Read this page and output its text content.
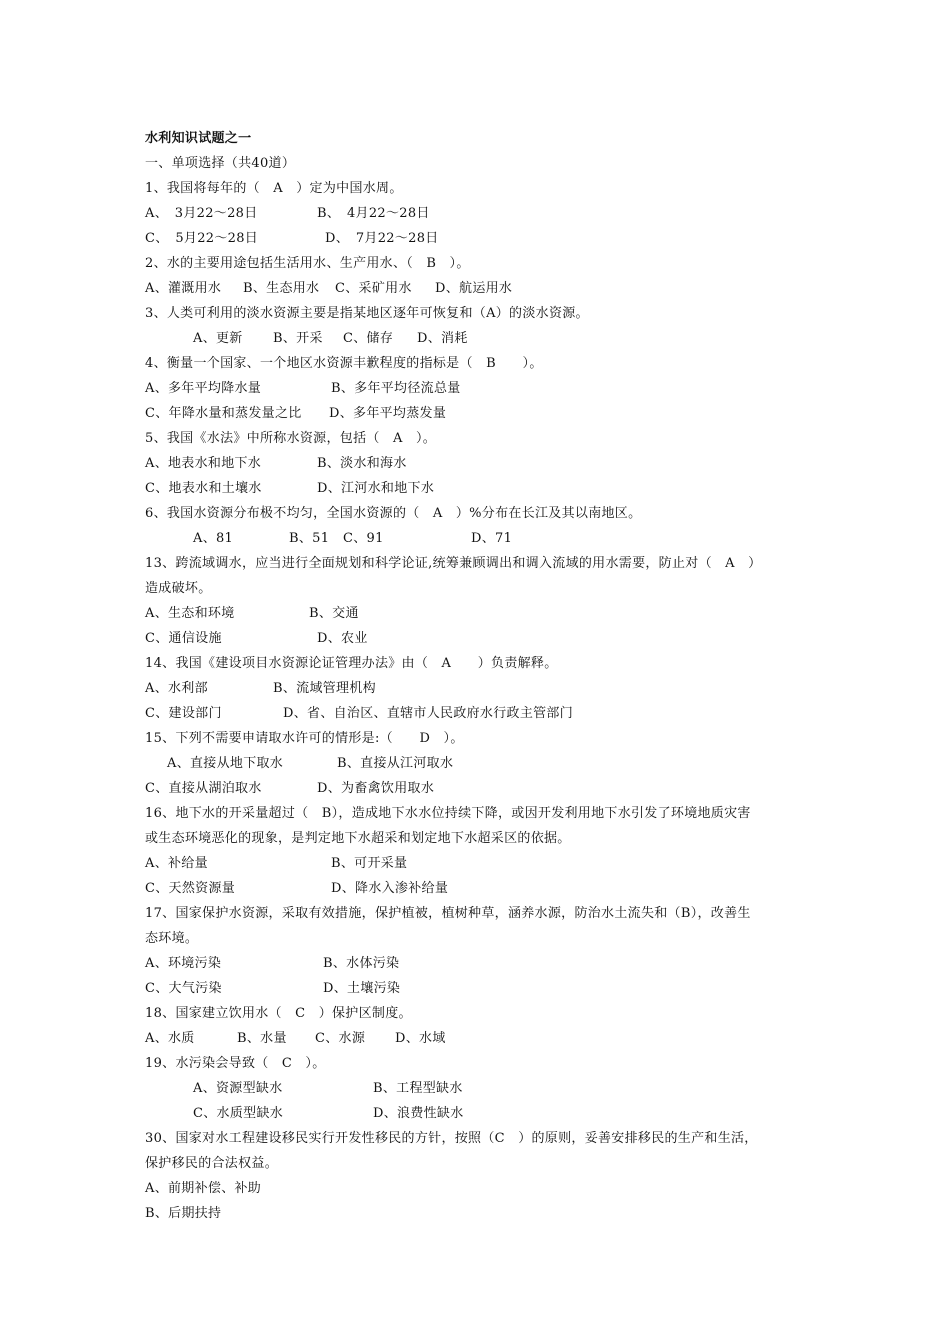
水利知识试题之一
一、单项选择（共40道）
1、我国将每年的（　A　）定为中国水周。
A、　3月22～28日	B、　4月22～28日
C、　5月22～28日	D、　7月22～28日
2、水的主要用途包括生活用水、生产用水、（　B　）。
A、灌溉用水	B、生态用水	C、采矿用水	D、航运用水
3、人类可利用的淡水资源主要是指某地区逐年可恢复和（A）的淡水资源。
A、更新	B、开采	C、储存	D、消耗
4、衡量一个国家、一个地区水资源丰歉程度的指标是（　B　　）。
A、多年平均降水量	B、多年平均径流总量
C、年降水量和蒸发量之比	D、多年平均蒸发量
5、我国《水法》中所称水资源，包括（　A　）。
A、地表水和地下水	B、淡水和海水
C、地表水和土壤水	D、江河水和地下水
6、我国水资源分布极不均匀，全国水资源的（　A　）%分布在长江及其以南地区。
A、81	B、51	C、91	D、71
13、跨流域调水，应当进行全面规划和科学论证,统筹兼顾调出和调入流域的用水需要，防止对（　A　）
造成破坏。
A、生态和环境	B、交通
C、通信设施	D、农业
14、我国《建设项目水资源论证管理办法》由（　A　　）负责解释。
A、水利部	B、流域管理机构
C、建设部门	D、省、自治区、直辖市人民政府水行政主管部门
15、下列不需要申请取水许可的情形是:（　　D　）。
A、直接从地下取水	B、直接从江河取水
C、直接从湖泊取水	D、为畜禽饮用取水
16、地下水的开采量超过（　B），造成地下水水位持续下降，或因开发利用地下水引发了环境地质灾害
或生态环境恶化的现象，是判定地下水超采和划定地下水超采区的依据。
A、补给量	B、可开采量
C、天然资源量	D、降水入渗补给量
17、国家保护水资源，采取有效措施，保护植被，植树种草，涵养水源，防治水土流失和（B），改善生
态环境。
A、环境污染	B、水体污染
C、大气污染	D、土壤污染
18、国家建立饮用水（　C　）保护区制度。
A、水质	B、水量	C、水源	D、水域
19、水污染会导致（　C　）。
A、资源型缺水	B、工程型缺水
C、水质型缺水	D、浪费性缺水
30、国家对水工程建设移民实行开发性移民的方针，按照（C　）的原则，妥善安排移民的生产和生活，
保护移民的合法权益。
A、前期补偿、补助
B、后期扶持
